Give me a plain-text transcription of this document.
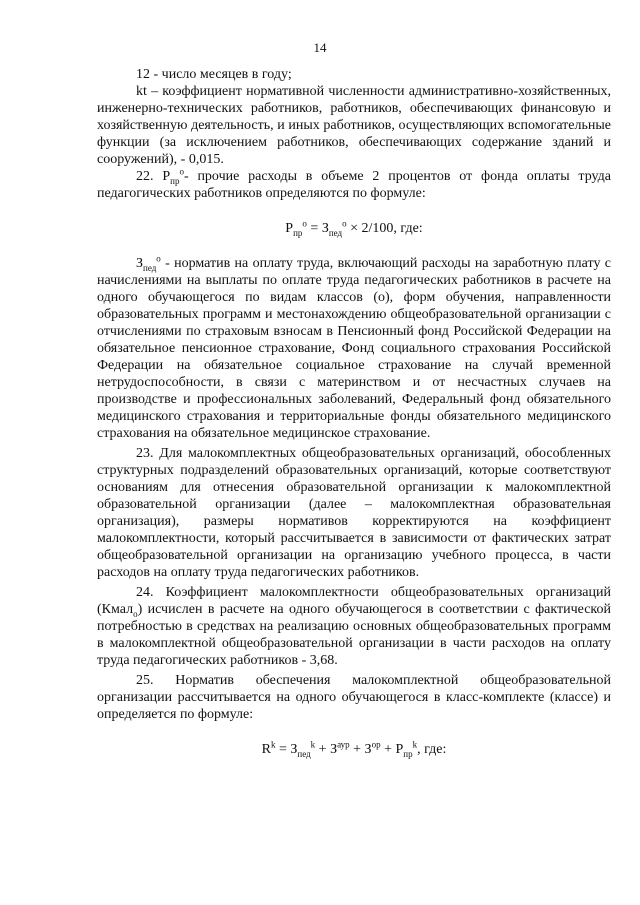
14

12 - число месяцев в году;

kt – коэффициент нормативной численности административно-хозяйственных, инженерно-технических работников, работников, обеспечивающих финансовую и хозяйственную деятельность, и иных работников, осуществляющих вспомогательные функции (за исключением работников, обеспечивающих содержание зданий и сооружений), - 0,015.

22. $Р_{пр}^о-$ прочие расходы в объеме 2 процентов от фонда оплаты труда педагогических работников определяются по формуле:

$Р_{пр}^о = З_{пед}^о \times 2/100$, где:

$З_{пед}^о$ - норматив на оплату труда, включающий расходы на заработную плату с начислениями на выплаты по оплате труда педагогических работников в расчете на одного обучающегося по видам классов (о), форм обучения, направленности образовательных программ и местонахождению общеобразовательной организации с отчислениями по страховым взносам в Пенсионный фонд Российской Федерации на обязательное пенсионное страхование, Фонд социального страхования Российской Федерации на обязательное социальное страхование на случай временной нетрудоспособности, в связи с материнством и от несчастных случаев на производстве и профессиональных заболеваний, Федеральный фонд обязательного медицинского страхования и территориальные фонды обязательного медицинского страхования на обязательное медицинское страхование.

23. Для малокомплектных общеобразовательных организаций, обособленных структурных подразделений образовательных организаций, которые соответствуют основаниям для отнесения образовательной организации к малокомплектной образовательной организации (далее – малокомплектная образовательная организация), размеры нормативов корректируются на коэффициент малокомплектности, который рассчитывается в зависимости от фактических затрат общеобразовательной организации на организацию учебного процесса, в части расходов на оплату труда педагогических работников.

24. Коэффициент малокомплектности общеобразовательных организаций (Кмал$_о$) исчислен в расчете на одного обучающегося в соответствии с фактической потребностью в средствах на реализацию основных общеобразовательных программ в малокомплектной общеобразовательной организации в части расходов на оплату труда педагогических работников - 3,68.

25. Норматив обеспечения малокомплектной общеобразовательной организации рассчитывается на одного обучающегося в класс-комплекте (классе) и определяется по формуле:

$R^k = З_{пед}^k + З^{аур} + З^{ор} + Р_{пр}^k$, где:
